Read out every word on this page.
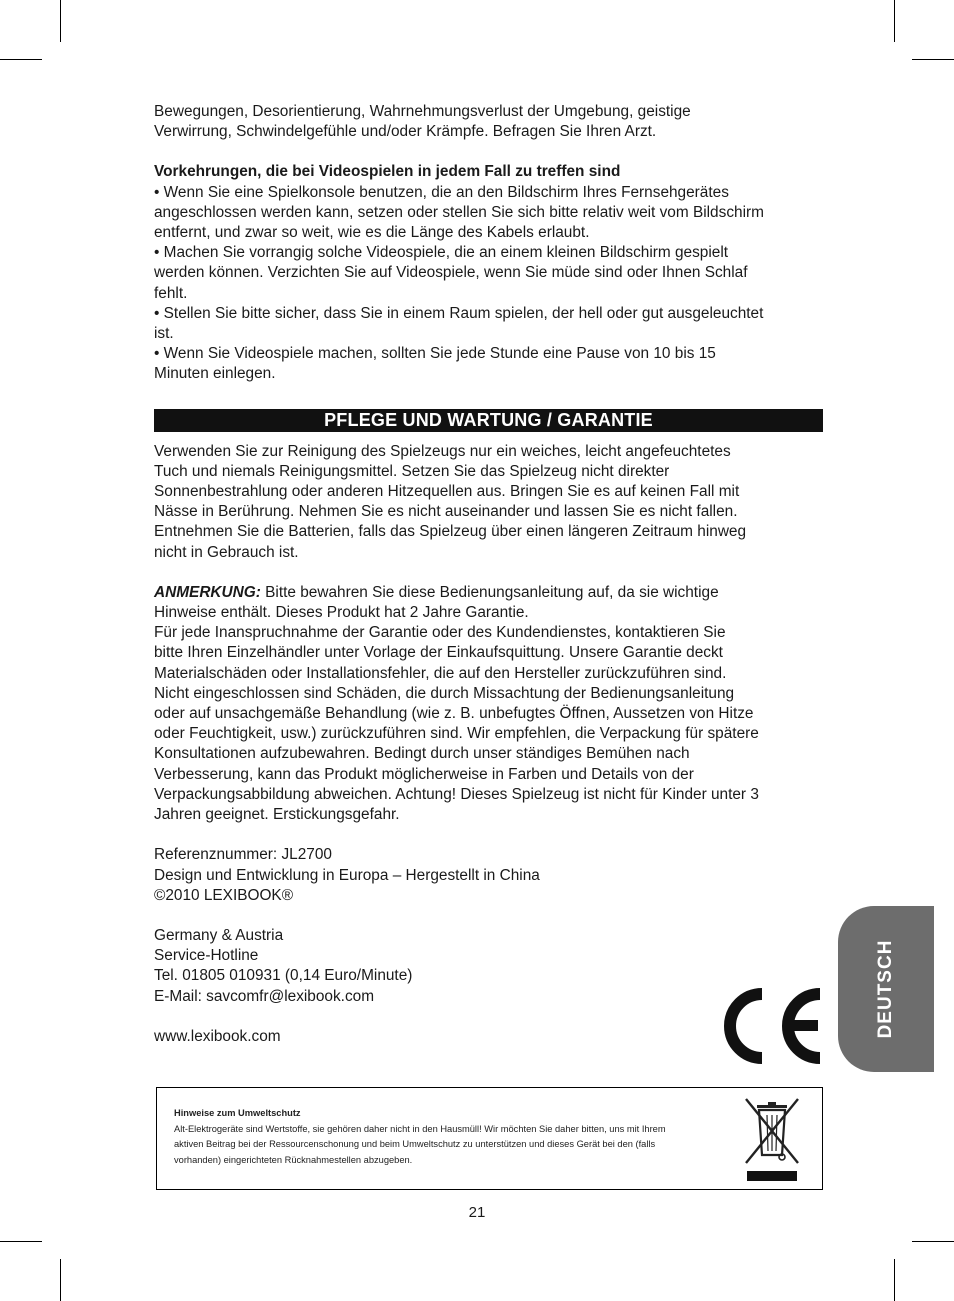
Bewegungen, Desorientierung, Wahrnehmungsverlust der Umgebung, geistige

Verwirrung, Schwindelgefühle und/oder Krämpfe. Befragen Sie Ihren Arzt.

Vorkehrungen, die bei Videospielen in jedem Fall zu treffen sind

• Wenn Sie eine Spielkonsole benutzen, die an den Bildschirm Ihres Fernsehgerätes

angeschlossen werden kann, setzen oder stellen Sie sich bitte relativ weit vom Bildschirm

entfernt, und zwar so weit, wie es die Länge des Kabels erlaubt.

• Machen Sie vorrangig solche Videospiele, die an einem kleinen Bildschirm gespielt

werden können. Verzichten Sie auf Videospiele, wenn Sie müde sind oder Ihnen Schlaf

fehlt.

• Stellen Sie bitte sicher, dass Sie in einem Raum spielen, der hell oder gut ausgeleuchtet

ist.

• Wenn Sie Videospiele machen, sollten Sie jede Stunde eine Pause von 10 bis 15

Minuten einlegen.

PFLEGE UND WARTUNG / GARANTIE

Verwenden Sie zur Reinigung des Spielzeugs nur ein weiches, leicht angefeuchtetes

Tuch und niemals Reinigungsmittel. Setzen Sie das Spielzeug nicht direkter

Sonnenbestrahlung oder anderen Hitzequellen aus. Bringen Sie es auf keinen Fall mit

Nässe in Berührung. Nehmen Sie es nicht auseinander und lassen Sie es nicht fallen.

Entnehmen Sie die Batterien, falls das Spielzeug über einen längeren Zeitraum hinweg

nicht in Gebrauch ist.

ANMERKUNG: Bitte bewahren Sie diese Bedienungsanleitung auf, da sie wichtige

Hinweise enthält. Dieses Produkt hat 2 Jahre Garantie.

Für jede Inanspruchnahme der Garantie oder des Kundendienstes, kontaktieren Sie

bitte Ihren Einzelhändler unter Vorlage der Einkaufsquittung. Unsere Garantie deckt

Materialschäden oder Installationsfehler, die auf den Hersteller zurückzuführen sind.

Nicht eingeschlossen sind Schäden, die durch Missachtung der Bedienungsanleitung

oder auf unsachgemäße Behandlung (wie z. B. unbefugtes Öffnen, Aussetzen von Hitze

oder Feuchtigkeit, usw.) zurückzuführen sind. Wir empfehlen, die Verpackung für spätere

Konsultationen aufzubewahren. Bedingt durch unser ständiges Bemühen nach

Verbesserung, kann das Produkt möglicherweise in Farben und Details von der

Verpackungsabbildung abweichen. Achtung! Dieses Spielzeug ist nicht für Kinder unter 3

Jahren geeignet. Erstickungsgefahr.

Referenznummer: JL2700

Design und Entwicklung in Europa – Hergestellt in China

©2010 LEXIBOOK®

Germany & Austria

Service-Hotline

Tel. 01805 010931 (0,14 Euro/Minute)

E-Mail: savcomfr@lexibook.com

www.lexibook.com	DEUTSCH
Hinweise zum Umweltschutz
Alt-Elektrogeräte sind Wertstoffe, sie gehören daher nicht in den Hausmüll! Wir möchten Sie daher bitten, uns mit Ihrem
aktiven Beitrag bei der Ressourcenschonung und beim Umweltschutz zu unterstützen und dieses Gerät bei den (falls
vorhanden) eingerichteten Rücknahmestellen abzugeben.
21
